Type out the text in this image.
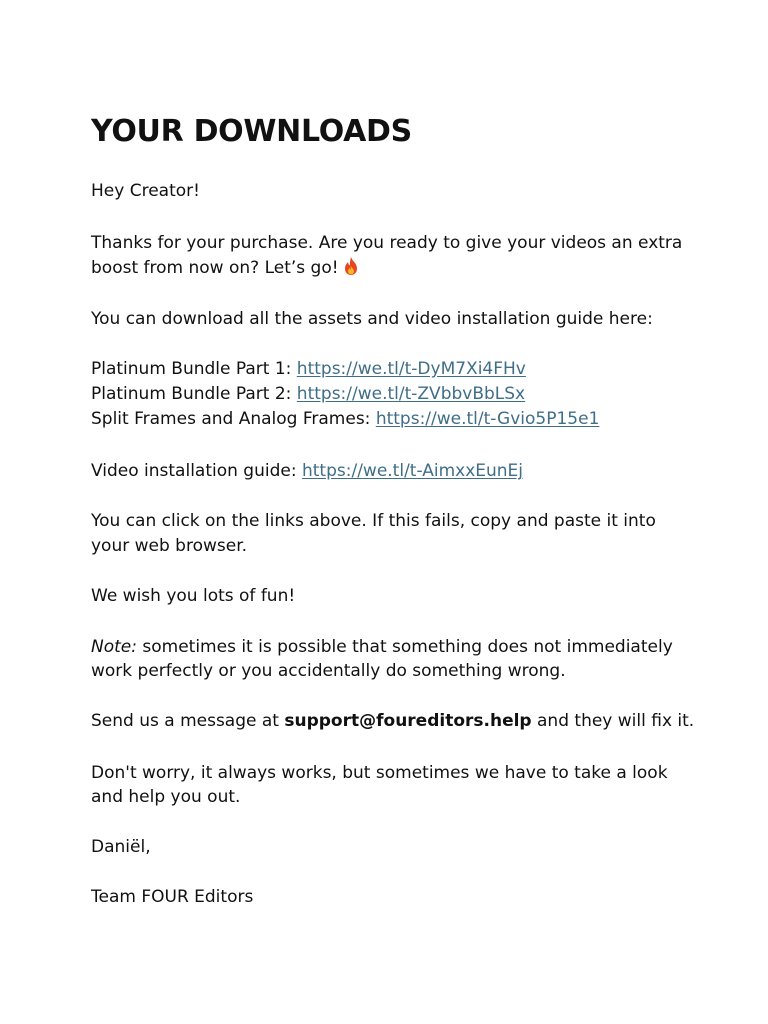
YOUR DOWNLOADS

Hey Creator!

Thanks for your purchase. Are you ready to give your videos an extra

boost from now on? Let’s go!

You can download all the assets and video installation guide here:

Platinum Bundle Part 1: https://we.tl/t-DyM7Xi4FHv

Platinum Bundle Part 2: https://we.tl/t-ZVbbvBbLSx

Split Frames and Analog Frames: https://we.tl/t-Gvio5P15e1

Video installation guide: https://we.tl/t-AimxxEunEj

You can click on the links above. If this fails, copy and paste it into

your web browser.

We wish you lots of fun!

Note: sometimes it is possible that something does not immediately

work perfectly or you accidentally do something wrong.

Send us a message at support@foureditors.help and they will fix it.

Don't worry, it always works, but sometimes we have to take a look

and help you out.

Daniël,

Team FOUR Editors
